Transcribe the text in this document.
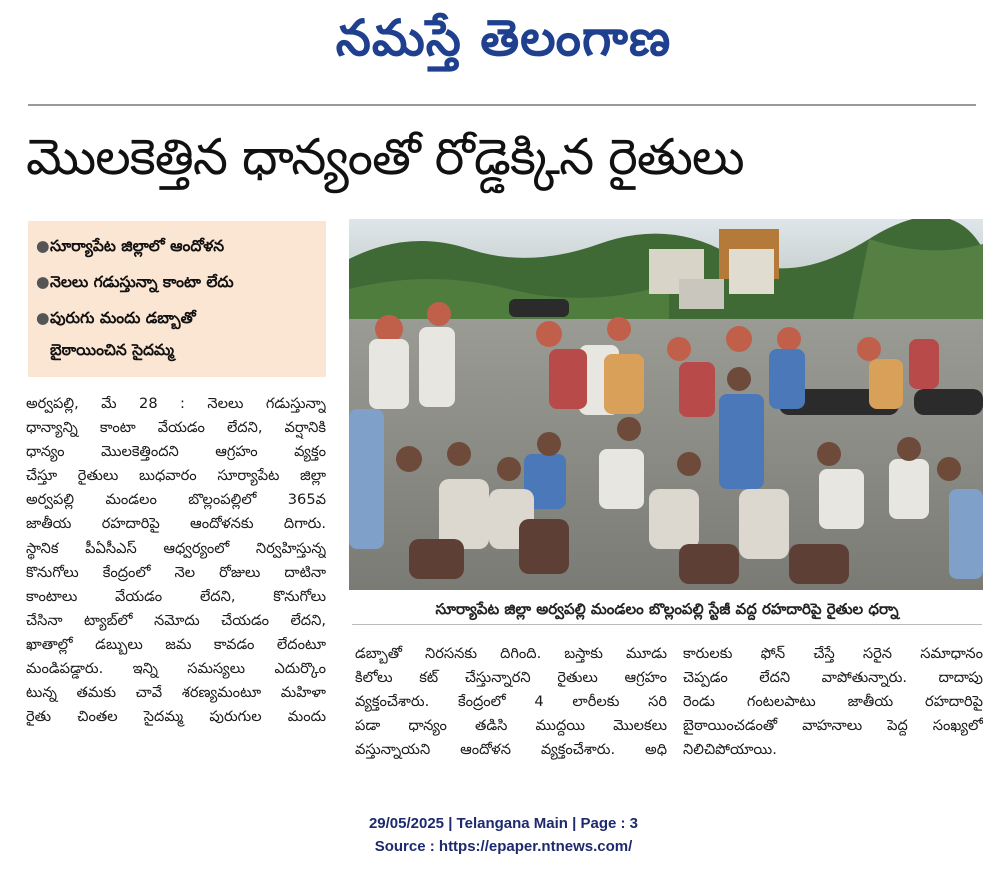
నమస్తే తెలంగాణ
మొలకెత్తిన ధాన్యంతో రోడ్డెక్కిన రైతులు
● సూర్యాపేట జిల్లాలో ఆందోళన
● నెలలు గడుస్తున్నా కాంటా లేదు
● పురుగు మందు డబ్బాతో
బైఠాయించిన సైదమ్మ
సూర్యాపేట జిల్లా అర్వపల్లి మండలం బొల్లంపల్లి స్టేజీ వద్ద రహదారిపై రైతుల ధర్నా
అర్వపల్లి, మే 28 : నెలలు గడుస్తున్నా
ధాన్యాన్ని కాంటా వేయడం లేదని, వర్షానికి
ధాన్యం మొలకెత్తిందని ఆగ్రహం వ్యక్తం
చేస్తూ రైతులు బుధవారం సూర్యాపేట జిల్లా
అర్వపల్లి మండలం బొల్లంపల్లిలో 365వ
జాతీయ రహదారిపై ఆందోళనకు దిగారు.
స్థానిక పీఏసీఎస్ ఆధ్వర్యంలో నిర్వహిస్తున్న
కొనుగోలు కేంద్రంలో నెల రోజులు దాటినా
కాంటాలు వేయడం లేదని, కొనుగోలు
చేసినా ట్యాబ్‌లో నమోదు చేయడం లేదని,
ఖాతాల్లో డబ్బులు జమ కావడం లేదంటూ
మండిపడ్డారు. ఇన్ని సమస్యలు ఎదుర్కొం
టున్న తమకు చావే శరణ్యమంటూ మహిళా
రైతు చింతల సైదమ్మ పురుగుల మందు
డబ్బాతో నిరసనకు దిగింది. బస్తాకు మూడు
కిలోలు కట్ చేస్తున్నారని రైతులు ఆగ్రహం
వ్యక్తంచేశారు. కేంద్రంలో 4 లారీలకు సరి
పడా ధాన్యం తడిసి ముద్దయి మొలకలు
వస్తున్నాయని ఆందోళన వ్యక్తంచేశారు. అధి
కారులకు ఫోన్ చేస్తే సరైన సమాధానం
చెప్పడం లేదని వాపోతున్నారు. దాదాపు
రెండు గంటలపాటు జాతీయ రహదారిపై
బైఠాయించడంతో వాహనాలు పెద్ద సంఖ్యలో
నిలిచిపోయాయి.
29/05/2025 | Telangana Main | Page : 3
Source : https://epaper.ntnews.com/
